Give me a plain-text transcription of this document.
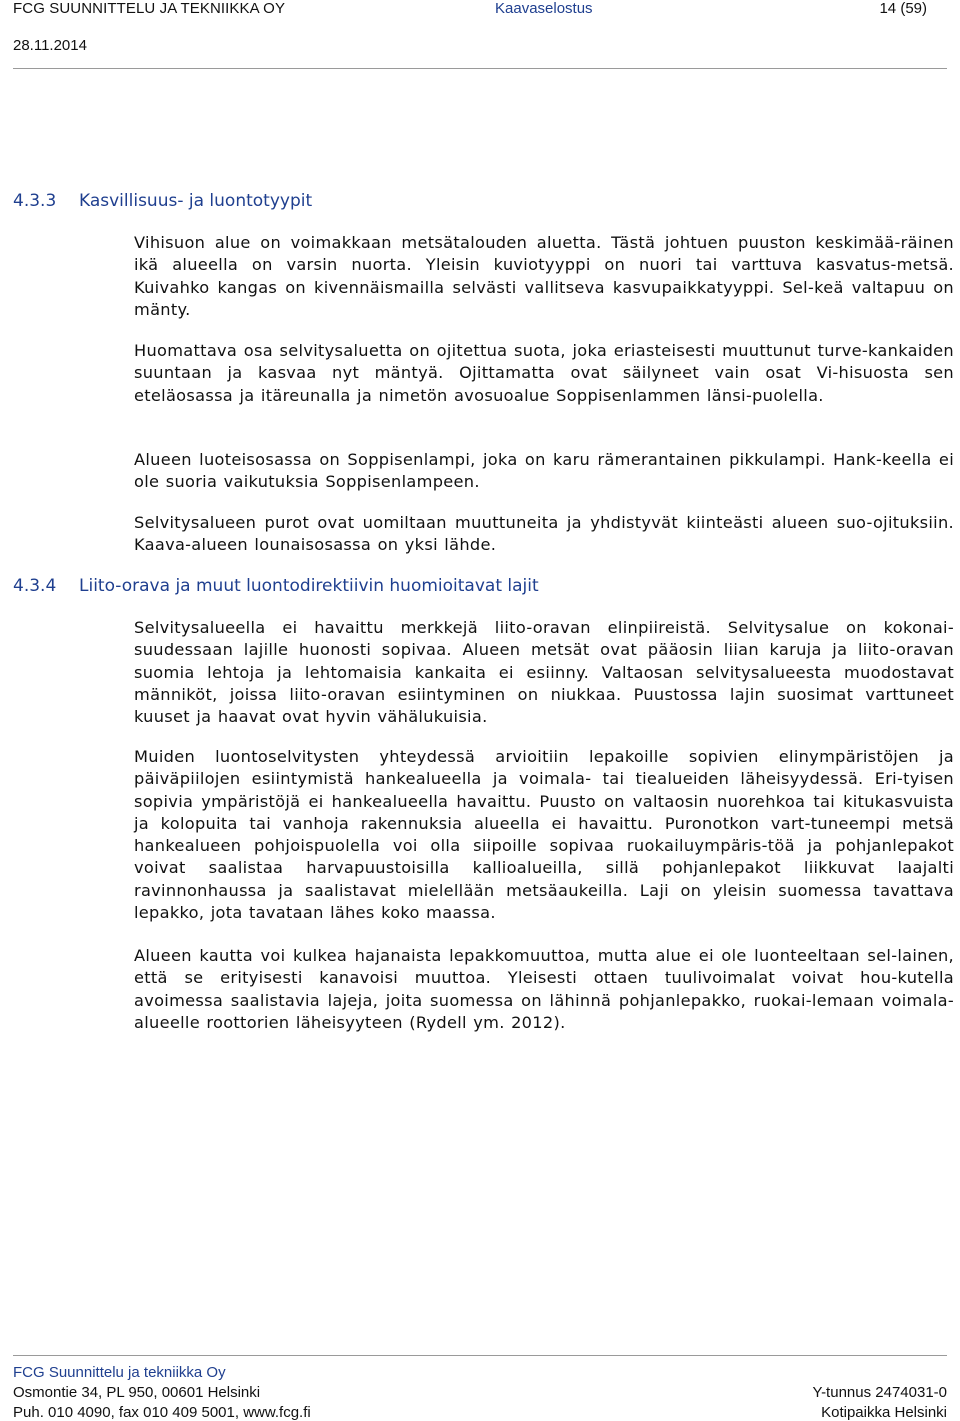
FCG SUUNNITTELU JA TEKNIIKKA OY	Kaavaselostus	14 (59)
28.11.2014
4.3.3 Kasvillisuus- ja luontotyypit
Vihisuon alue on voimakkaan metsätalouden aluetta. Tästä johtuen puuston keskimää-räinen ikä alueella on varsin nuorta. Yleisin kuviotyyppi on nuori tai varttuva kasvatus-metsä. Kuivahko kangas on kivennäismailla selvästi vallitseva kasvupaikkatyyppi. Sel-keä valtapuu on mänty.
Huomattava osa selvitysaluetta on ojitettua suota, joka eriasteisesti muuttunut turve-kankaiden suuntaan ja kasvaa nyt mäntyä. Ojittamatta ovat säilyneet vain osat Vi-hisuosta sen eteläosassa ja itäreunalla ja nimetön avosuoalue Soppisenlammen länsi-puolella.
Alueen luoteisosassa on Soppisenlampi, joka on karu rämerantainen pikkulampi. Hank-keella ei ole suoria vaikutuksia Soppisenlampeen.
Selvitysalueen purot ovat uomiltaan muuttuneita ja yhdistyvät kiinteästi alueen suo-ojituksiin. Kaava-alueen lounaisosassa on yksi lähde.
4.3.4 Liito-orava ja muut luontodirektiivin huomioitavat lajit
Selvitysalueella ei havaittu merkkejä liito-oravan elinpiireistä. Selvitysalue on kokonai-suudessaan lajille huonosti sopivaa. Alueen metsät ovat pääosin liian karuja ja liito-oravan suomia lehtoja ja lehtomaisia kankaita ei esiinny. Valtaosan selvitysalueesta muodostavat männiköt, joissa liito-oravan esiintyminen on niukkaa. Puustossa lajin suosimat varttuneet kuuset ja haavat ovat hyvin vähälukuisia.
Muiden luontoselvitysten yhteydessä arvioitiin lepakoille sopivien elinympäristöjen ja päiväpiilojen esiintymistä hankealueella ja voimala- tai tiealueiden läheisyydessä. Eri-tyisen sopivia ympäristöjä ei hankealueella havaittu. Puusto on valtaosin nuorehkoa tai kitukasvuista ja kolopuita tai vanhoja rakennuksia alueella ei havaittu. Puronotkon vart-tuneempi metsä hankealueen pohjoispuolella voi olla siipoille sopivaa ruokailuympäris-töä ja pohjanlepakot voivat saalistaa harvapuustoisilla kallioalueilla, sillä pohjanlepakot liikkuvat laajalti ravinnonhaussa ja saalistavat mielellään metsäaukeilla. Laji on yleisin suomessa tavattava lepakko, jota tavataan lähes koko maassa.
Alueen kautta voi kulkea hajanaista lepakkomuuttoa, mutta alue ei ole luonteeltaan sel-lainen, että se erityisesti kanavoisi muuttoa. Yleisesti ottaen tuulivoimalat voivat hou-kutella avoimessa saalistavia lajeja, joita suomessa on lähinnä pohjanlepakko, ruokai-lemaan voimala-alueelle roottorien läheisyyteen (Rydell ym. 2012).
FCG Suunnittelu ja tekniikka Oy
Osmontie 34, PL 950, 00601 Helsinki
Puh. 010 4090, fax 010 409 5001, www.fcg.fi
Y-tunnus 2474031-0
Kotipaikka Helsinki
